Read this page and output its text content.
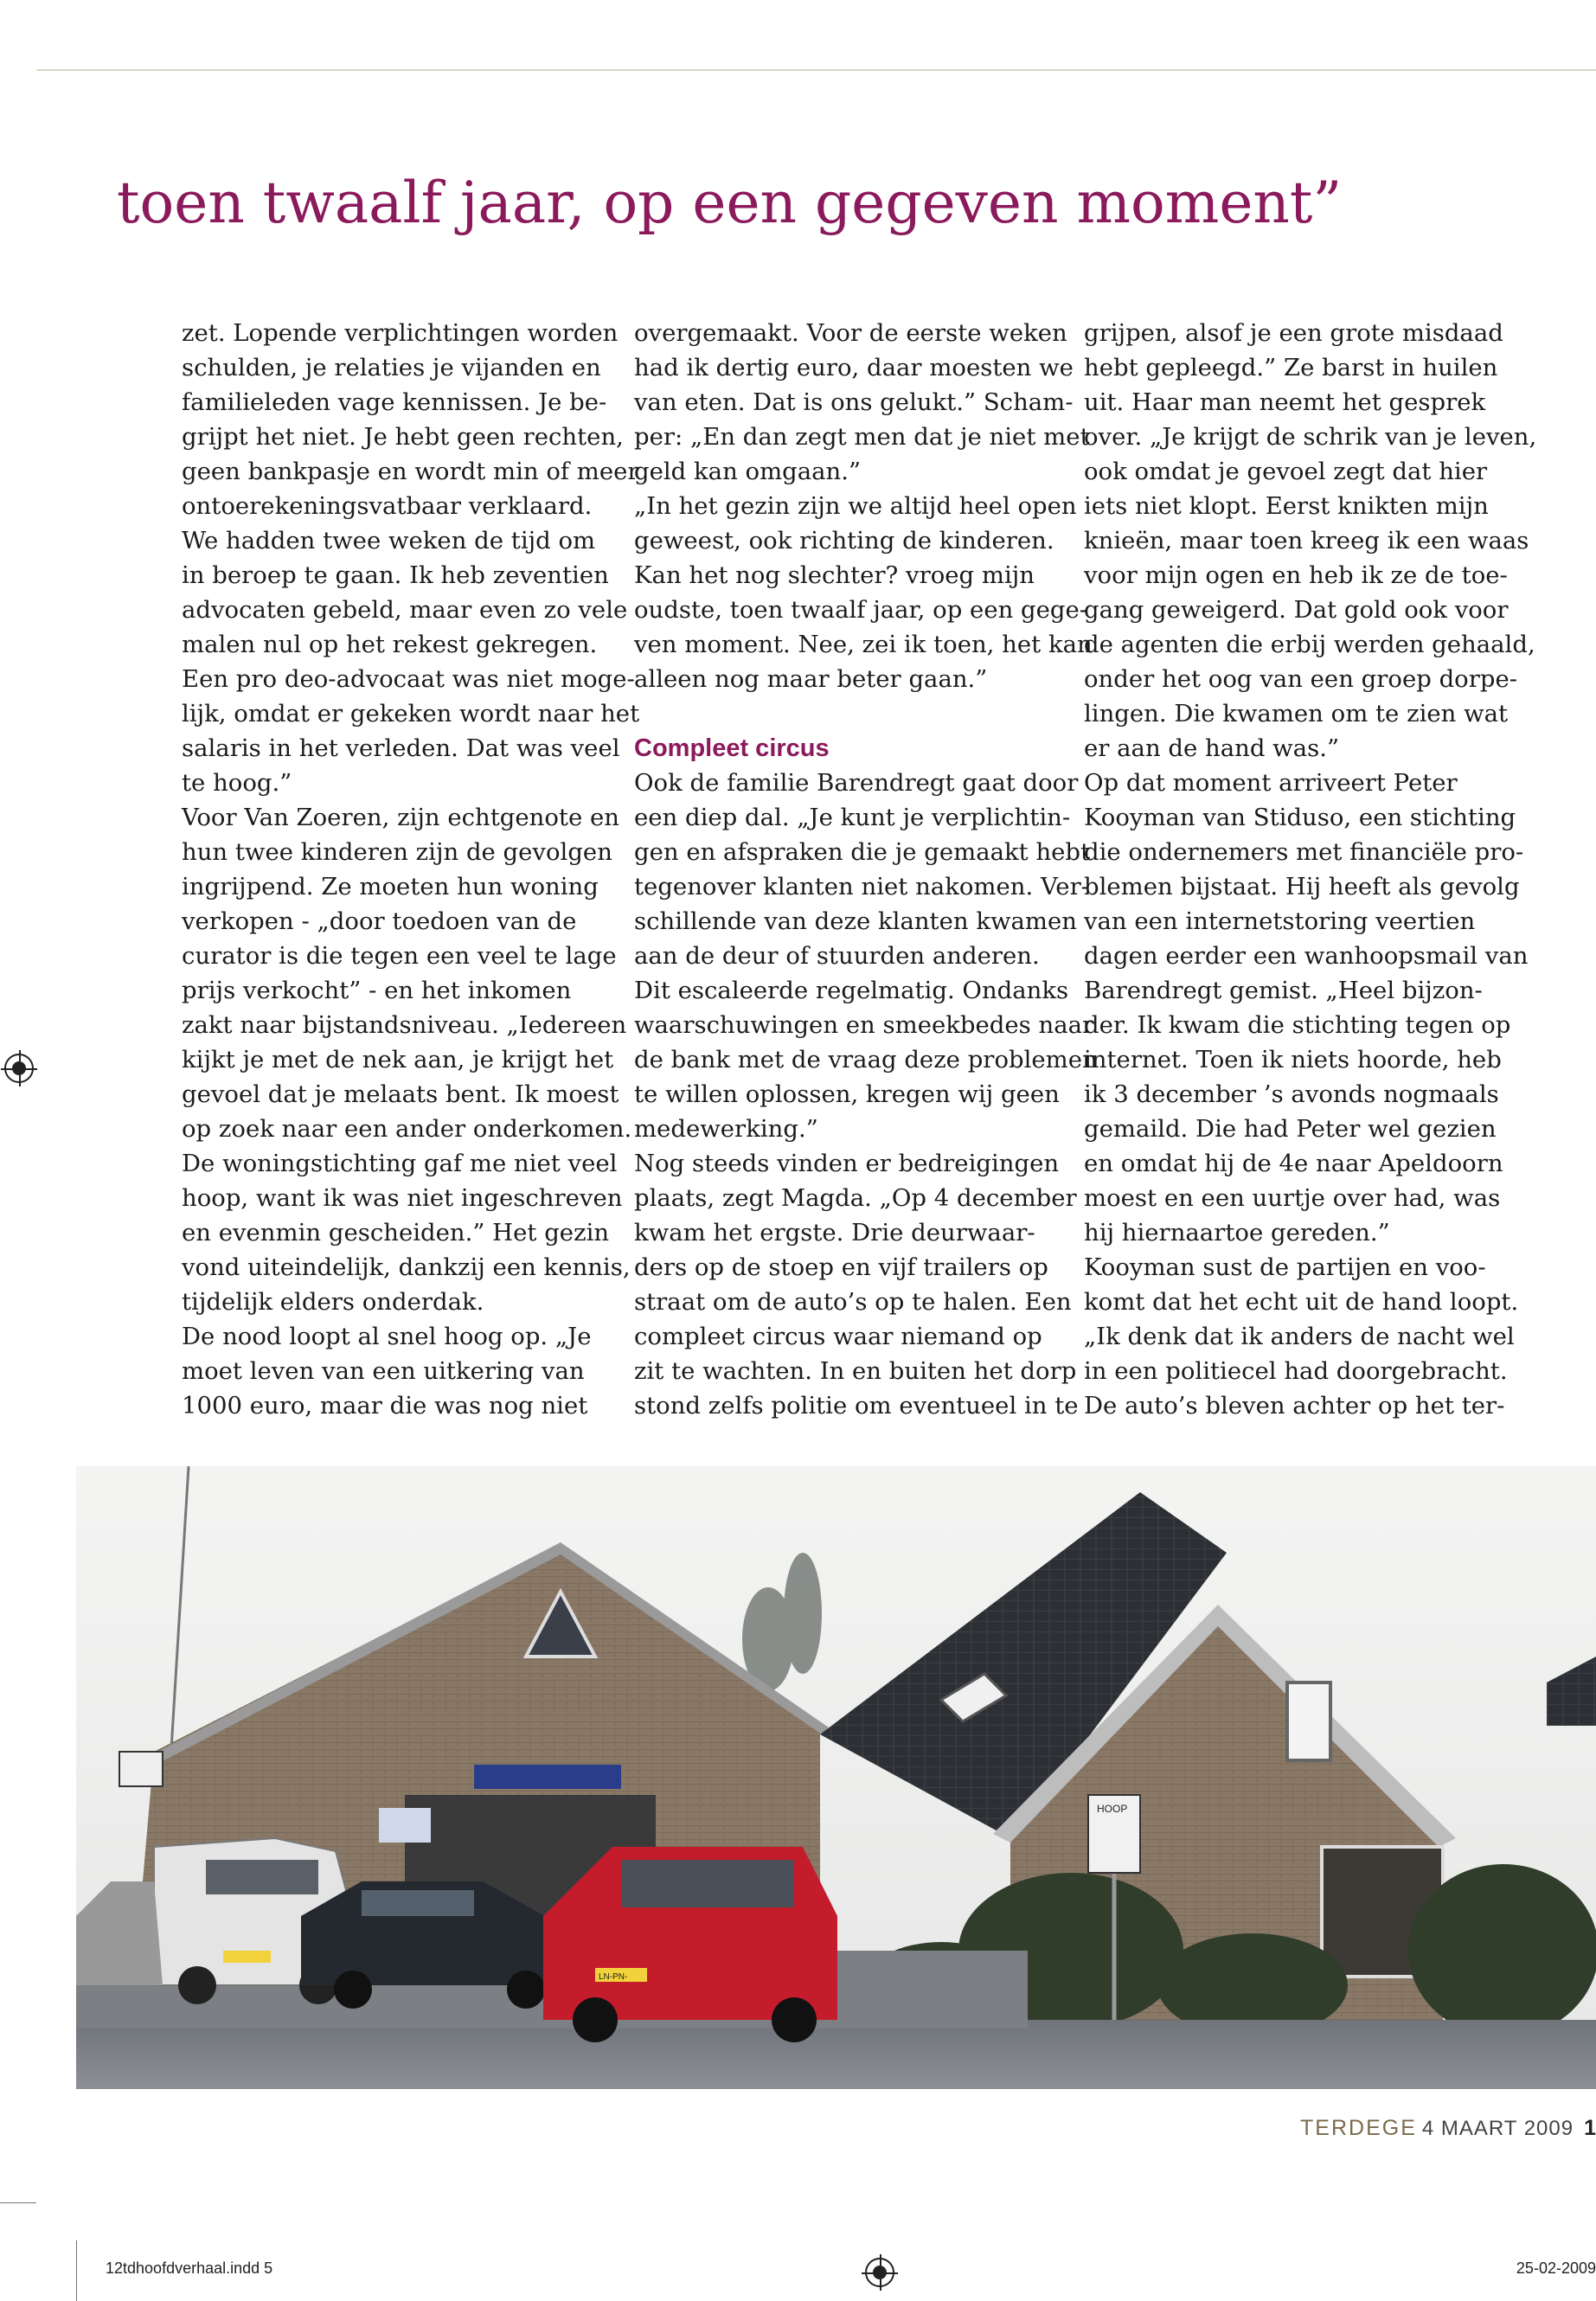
toen twaalf jaar, op een gegeven moment”
zet. Lopende verplichtingen worden
schulden, je relaties je vijanden en
familieleden vage kennissen. Je be-
grijpt het niet. Je hebt geen rechten,
geen bankpasje en wordt min of meer
ontoerekeningsvatbaar verklaard.
We hadden twee weken de tijd om
in beroep te gaan. Ik heb zeventien
advocaten gebeld, maar even zo vele
malen nul op het rekest gekregen.
Een pro deo-advocaat was niet moge-
lijk, omdat er gekeken wordt naar het
salaris in het verleden. Dat was veel
te hoog.”
Voor Van Zoeren, zijn echtgenote en
hun twee kinderen zijn de gevolgen
ingrijpend. Ze moeten hun woning
verkopen - „door toedoen van de
curator is die tegen een veel te lage
prijs verkocht” - en het inkomen
zakt naar bijstandsniveau. „Iedereen
kijkt je met de nek aan, je krijgt het
gevoel dat je melaats bent. Ik moest
op zoek naar een ander onderkomen.
De woningstichting gaf me niet veel
hoop, want ik was niet ingeschreven
en evenmin gescheiden.” Het gezin
vond uiteindelijk, dankzij een kennis,
tijdelijk elders onderdak.
De nood loopt al snel hoog op. „Je
moet leven van een uitkering van
1000 euro, maar die was nog niet
overgemaakt. Voor de eerste weken
had ik dertig euro, daar moesten we
van eten. Dat is ons gelukt.” Scham-
per: „En dan zegt men dat je niet met
geld kan omgaan.”
„In het gezin zijn we altijd heel open
geweest, ook richting de kinderen.
Kan het nog slechter? vroeg mijn
oudste, toen twaalf jaar, op een gege-
ven moment. Nee, zei ik toen, het kan
alleen nog maar beter gaan.”
Compleet circus
Ook de familie Barendregt gaat door
een diep dal. „Je kunt je verplichtin-
gen en afspraken die je gemaakt hebt
tegenover klanten niet nakomen. Ver-
schillende van deze klanten kwamen
aan de deur of stuurden anderen.
Dit escaleerde regelmatig. Ondanks
waarschuwingen en smeekbedes naar
de bank met de vraag deze problemen
te willen oplossen, kregen wij geen
medewerking.”
Nog steeds vinden er bedreigingen
plaats, zegt Magda. „Op 4 december
kwam het ergste. Drie deurwaar-
ders op de stoep en vijf trailers op
straat om de auto’s op te halen. Een
compleet circus waar niemand op
zit te wachten. In en buiten het dorp
stond zelfs politie om eventueel in te
grijpen, alsof je een grote misdaad
hebt gepleegd.” Ze barst in huilen
uit. Haar man neemt het gesprek
over. „Je krijgt de schrik van je leven,
ook omdat je gevoel zegt dat hier
iets niet klopt. Eerst knikten mijn
knieën, maar toen kreeg ik een waas
voor mijn ogen en heb ik ze de toe-
gang geweigerd. Dat gold ook voor
de agenten die erbij werden gehaald,
onder het oog van een groep dorpe-
lingen. Die kwamen om te zien wat
er aan de hand was.”
Op dat moment arriveert Peter
Kooyman van Stiduso, een stichting
die ondernemers met financiële pro-
blemen bijstaat. Hij heeft als gevolg
van een internetstoring veertien
dagen eerder een wanhoopsmail van
Barendregt gemist. „Heel bijzon-
der. Ik kwam die stichting tegen op
internet. Toen ik niets hoorde, heb
ik 3 december ’s avonds nogmaals
gemaild. Die had Peter wel gezien
en omdat hij de 4e naar Apeldoorn
moest en een uurtje over had, was
hij hiernaartoe gereden.”
Kooyman sust de partijen en voo-
komt dat het echt uit de hand loopt.
„Ik denk dat ik anders de nacht wel
in een politiecel had doorgebracht.
De auto’s bleven achter op het ter-
HOOP
LN-PN-
TERDEGE 4 MAART 2009 1
12tdhoofdverhaal.indd 5	25-02-2009
